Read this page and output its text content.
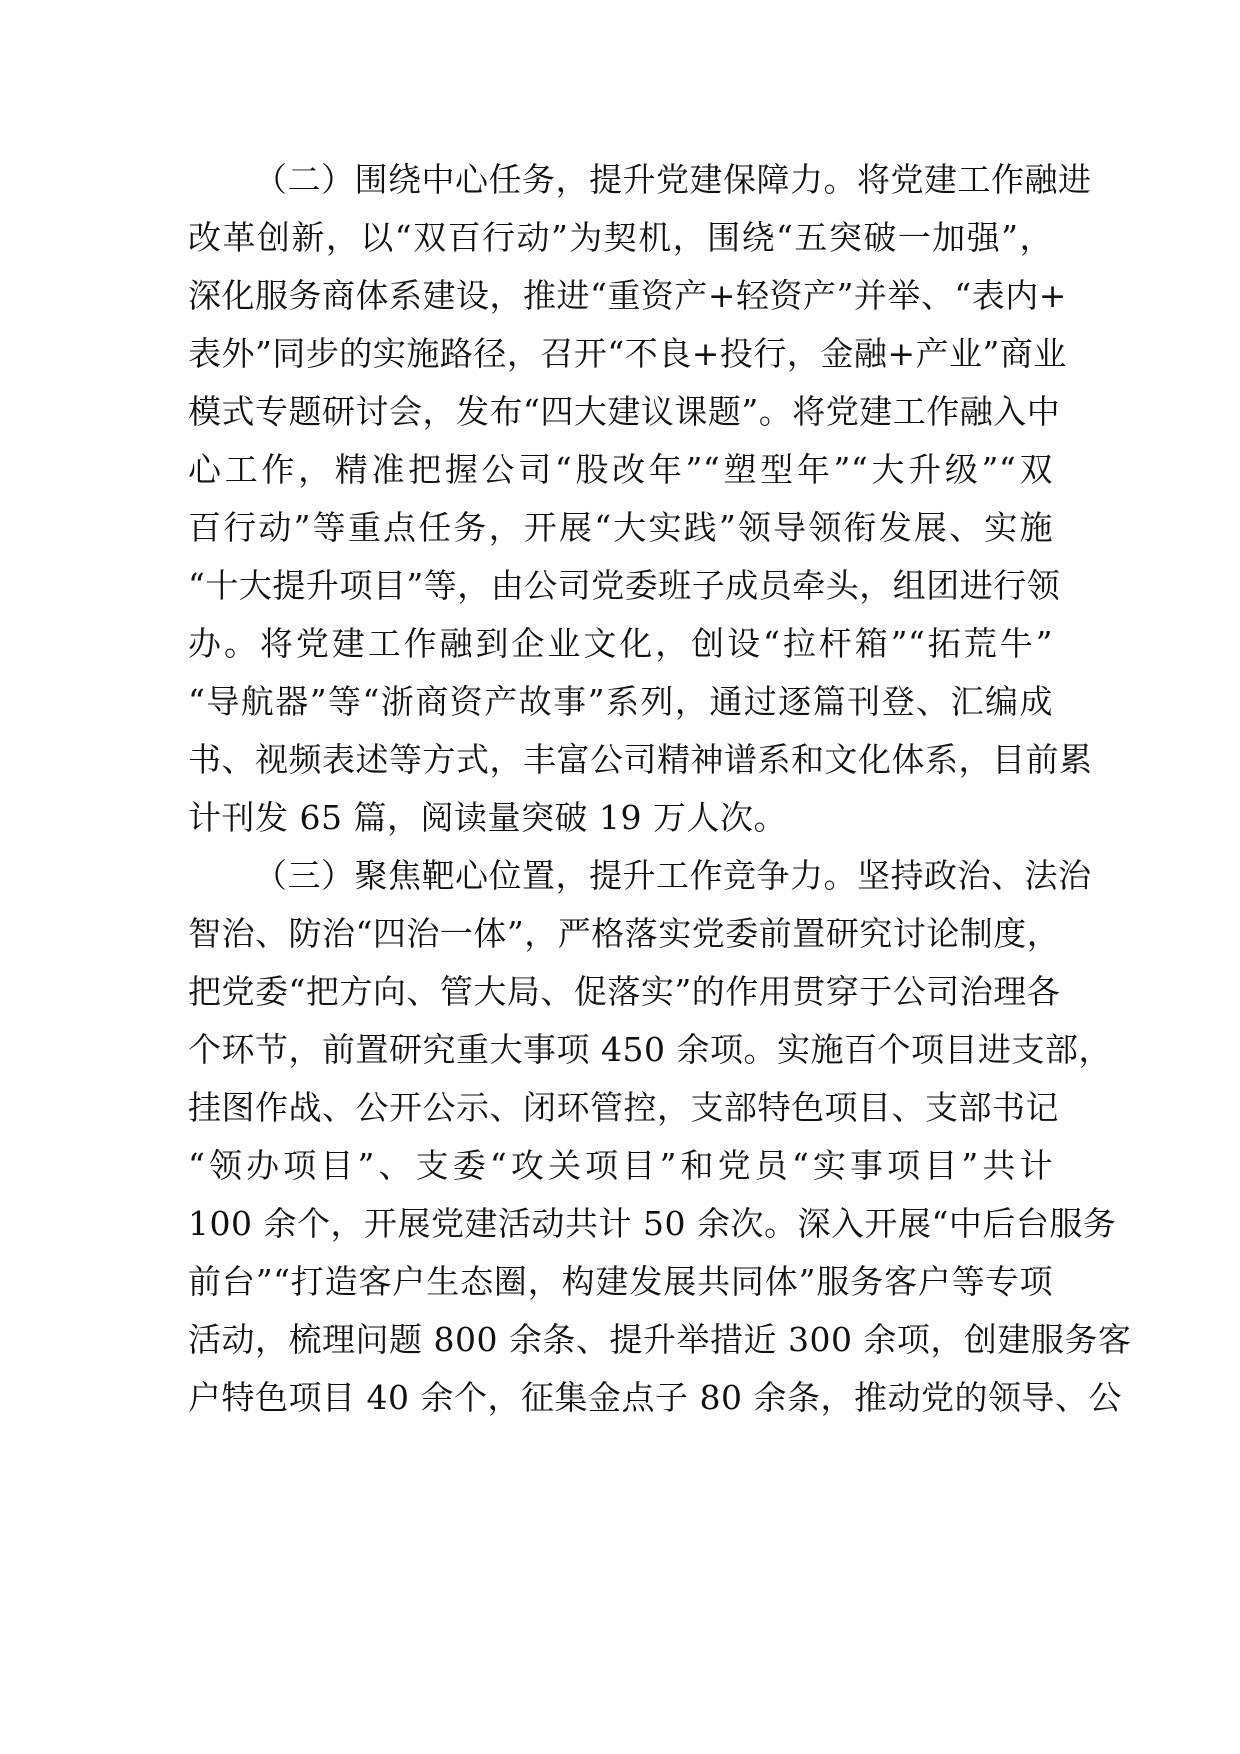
（二）围绕中心任务，提升党建保障力。将党建工作融进
改革创新，以“双百行动”为契机，围绕“五突破一加强”，
深化服务商体系建设，推进“重资产+轻资产”并举、“表内+
表外”同步的实施路径，召开“不良+投行，金融+产业”商业
模式专题研讨会，发布“四大建议课题”。将党建工作融入中
心工作，精准把握公司“股改年”“塑型年”“大升级”“双
百行动”等重点任务，开展“大实践”领导领衔发展、实施
“十大提升项目”等，由公司党委班子成员牵头，组团进行领
办。将党建工作融到企业文化，创设“拉杆箱”“拓荒牛”
“导航器”等“浙商资产故事”系列，通过逐篇刊登、汇编成
书、视频表述等方式，丰富公司精神谱系和文化体系，目前累
计刊发 65 篇，阅读量突破 19 万人次。
（三）聚焦靶心位置，提升工作竞争力。坚持政治、法治
智治、防治“四治一体”，严格落实党委前置研究讨论制度，
把党委“把方向、管大局、促落实”的作用贯穿于公司治理各
个环节，前置研究重大事项 450 余项。实施百个项目进支部，
挂图作战、公开公示、闭环管控，支部特色项目、支部书记
“领办项目”、支委“攻关项目”和党员“实事项目”共计
100 余个，开展党建活动共计 50 余次。深入开展“中后台服务
前台”“打造客户生态圈，构建发展共同体”服务客户等专项
活动，梳理问题 800 余条、提升举措近 300 余项，创建服务客
户特色项目 40 余个，征集金点子 80 余条，推动党的领导、公
